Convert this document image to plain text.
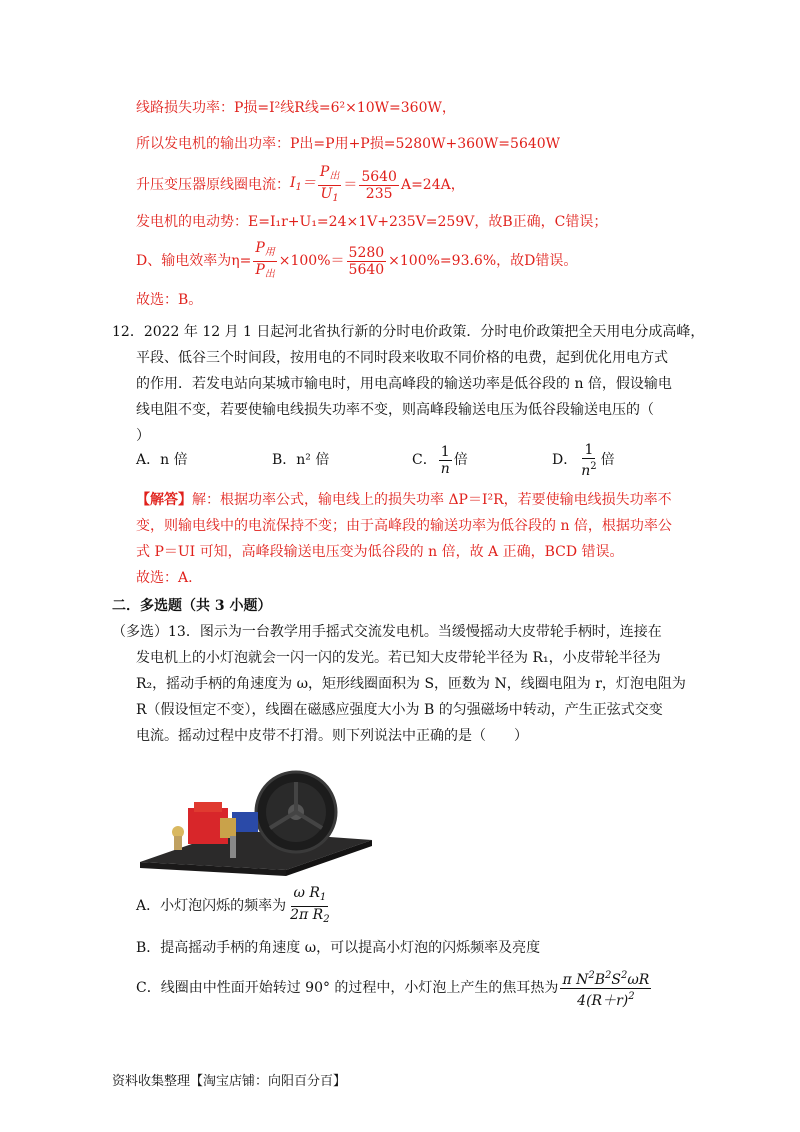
线路损失功率：P损=I²线R线=6²×10W=360W，
所以发电机的输出功率：P出=P用+P损=5280W+360W=5640W
升压变压器原线圈电流： $I_1= \frac{P_出}{U_1} = \frac{5640}{235} A=24A$，
发电机的电动势：E=I₁r+U₁=24×1V+235V=259V，故B正确，C错误；
D、输电效率为$\eta= \frac{P_用}{P_出} \times 100\%= \frac{5280}{5640} \times 100\%=93.6\%$，故D错误。
故选：B。
12．2022 年 12 月 1 日起河北省执行新的分时电价政策．分时电价政策把全天用电分成高峰，
平段、低谷三个时间段，按用电的不同时段来收取不同价格的电费，起到优化用电方式
的作用．若发电站向某城市输电时，用电高峰段的输送功率是低谷段的 n 倍，假设输电
线电阻不变，若要使输电线损失功率不变，则高峰段输送电压为低谷段输送电压的（
）
A．n 倍	B．n² 倍	C． $\frac{1}{n}$ 倍	D． $\frac{1}{n^2}$ 倍
【解答】解：根据功率公式，输电线上的损失功率 ΔP＝I²R，若要使输电线损失功率不
变，则输电线中的电流保持不变；由于高峰段的输送功率为低谷段的 n 倍，根据功率公
式 P＝UI 可知，高峰段输送电压变为低谷段的 n 倍，故 A 正确，BCD 错误。
故选：A.
二．多选题（共 3 小题）
（多选）13．图示为一台教学用手摇式交流发电机。当缓慢摇动大皮带轮手柄时，连接在
发电机上的小灯泡就会一闪一闪的发光。若已知大皮带轮半径为 R₁，小皮带轮半径为
R₂，摇动手柄的角速度为 ω，矩形线圈面积为 S，匝数为 N，线圈电阻为 r，灯泡电阻为
R（假设恒定不变），线圈在磁感应强度大小为 B 的匀强磁场中转动，产生正弦式交变
电流。摇动过程中皮带不打滑。则下列说法中正确的是（　　）
A．小灯泡闪烁的频率为 $\frac{\omega R_1}{2\pi R_2}$
B．提高摇动手柄的角速度 ω，可以提高小灯泡的闪烁频率及亮度
C．线圈由中性面开始转过 90° 的过程中，小灯泡上产生的焦耳热为 $\frac{\pi N^2B^2S^2\omega R}{4(R+r)^2}$
资料收集整理【淘宝店铺：向阳百分百】
